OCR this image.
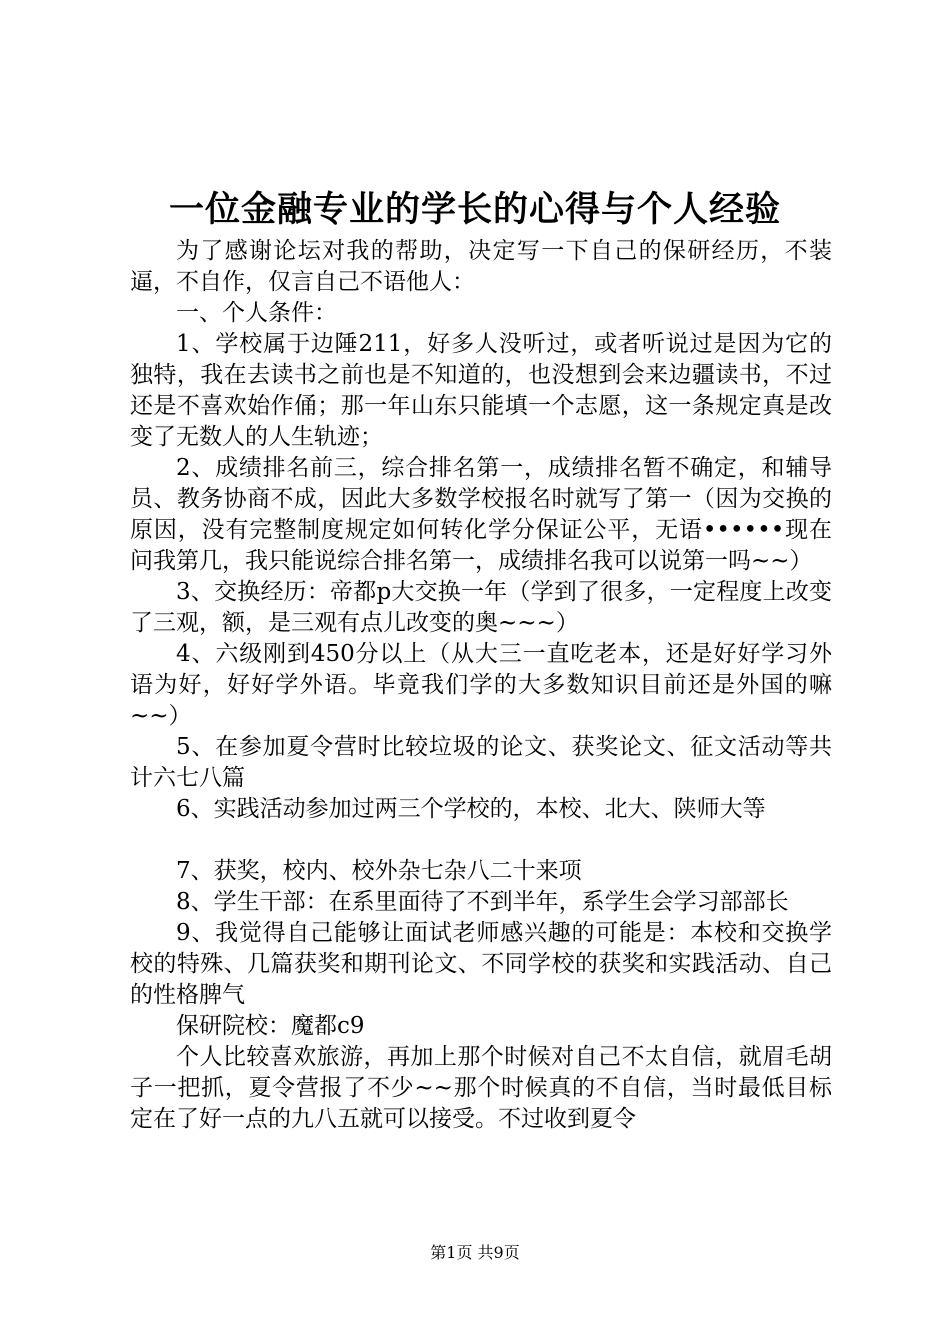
一位金融专业的学长的心得与个人经验

为了感谢论坛对我的帮助，决定写一下自己的保研经历，不装逼，不自作，仅言自己不语他人：

一、个人条件：

1、学校属于边陲211，好多人没听过，或者听说过是因为它的独特，我在去读书之前也是不知道的，也没想到会来边疆读书，不过还是不喜欢始作俑；那一年山东只能填一个志愿，这一条规定真是改变了无数人的人生轨迹；

2、成绩排名前三，综合排名第一，成绩排名暂不确定，和辅导员、教务协商不成，因此大多数学校报名时就写了第一（因为交换的原因，没有完整制度规定如何转化学分保证公平，无语••••••现在问我第几，我只能说综合排名第一，成绩排名我可以说第一吗~~）

3、交换经历：帝都p大交换一年（学到了很多，一定程度上改变了三观，额，是三观有点儿改变的奥~~~）

4、六级刚到450分以上（从大三一直吃老本，还是好好学习外语为好，好好学外语。毕竟我们学的大多数知识目前还是外国的嘛~~）

5、在参加夏令营时比较垃圾的论文、获奖论文、征文活动等共计六七八篇

6、实践活动参加过两三个学校的，本校、北大、陕师大等

7、获奖，校内、校外杂七杂八二十来项

8、学生干部：在系里面待了不到半年，系学生会学习部部长

9、我觉得自己能够让面试老师感兴趣的可能是：本校和交换学校的特殊、几篇获奖和期刊论文、不同学校的获奖和实践活动、自己的性格脾气

保研院校：魔都c9

个人比较喜欢旅游，再加上那个时候对自己不太自信，就眉毛胡子一把抓，夏令营报了不少~~那个时候真的不自信，当时最低目标定在了好一点的九八五就可以接受。不过收到夏令

第1页 共9页
